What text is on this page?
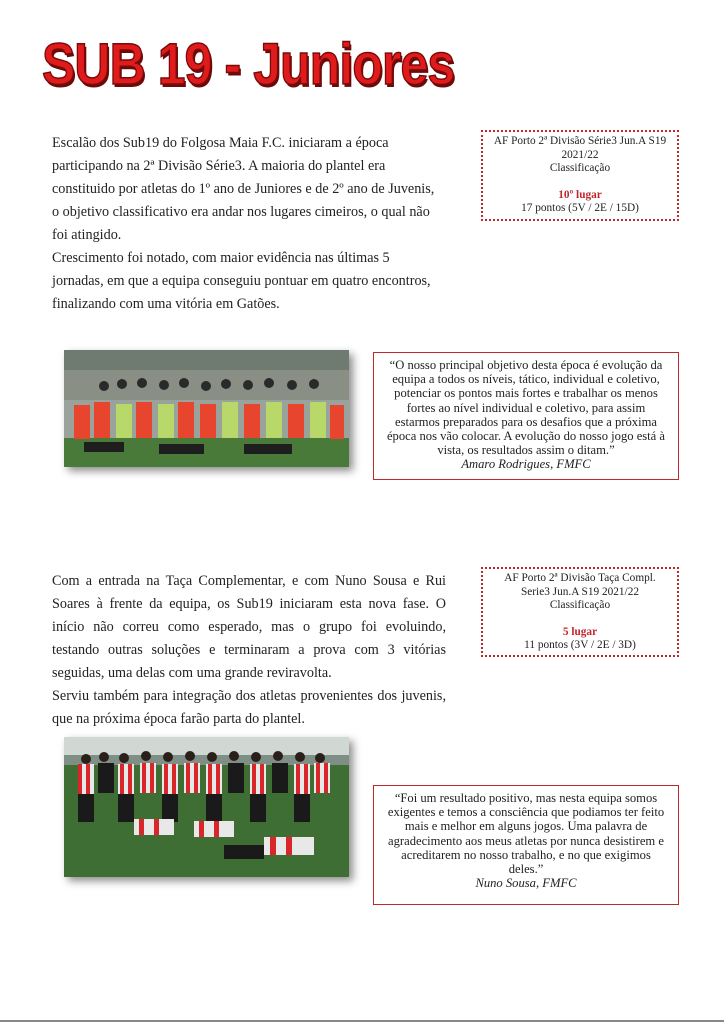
SUB 19 - Juniores

Escalão dos Sub19 do Folgosa Maia F.C. iniciaram a época participando na 2ª Divisão Série3. A maioria do plantel era constituido por atletas do 1º ano de Juniores e de 2º ano de Juvenis, o objetivo classificativo era andar nos lugares cimeiros, o qual não foi atingido.

Crescimento foi notado, com maior evidência nas últimas 5 jornadas, em que a equipa conseguiu pontuar em quatro encontros, finalizando com uma vitória em Gatões.

AF Porto 2ª Divisão Série3 Jun.A S19
2021/22
Classificação
10º lugar
17 pontos (5V / 2E / 15D)
“O nosso principal objetivo desta época é evolução da equipa a todos os níveis, tático, individual e coletivo, potenciar os pontos mais fortes e trabalhar os menos fortes ao nível individual e coletivo, para assim estarmos preparados para os desafios que a próxima época nos vão colocar. A evolução do nosso jogo está à vista, os resultados assim o ditam.”
Amaro Rodrigues, FMFC

Com a entrada na Taça Complementar, e com Nuno Sousa e Rui Soares à frente da equipa, os Sub19 iniciaram esta nova fase. O início não correu como esperado, mas o grupo foi evoluindo, testando outras soluções e terminaram a prova com 3 vitórias seguidas, uma delas com uma grande reviravolta.

Serviu também para integração dos atletas provenientes dos juvenis, que na próxima época farão parta do plantel.

AF Porto 2ª Divisão Taça Compl.
Serie3 Jun.A S19 2021/22
Classificação
5 lugar
11 pontos (3V / 2E / 3D)
“Foi um resultado positivo, mas nesta equipa somos exigentes e temos a consciência que podiamos ter feito mais e melhor em alguns jogos. Uma palavra de agradecimento aos meus atletas por nunca desistirem e acreditarem no nosso trabalho, e no que exigimos deles.”
Nuno Sousa, FMFC
